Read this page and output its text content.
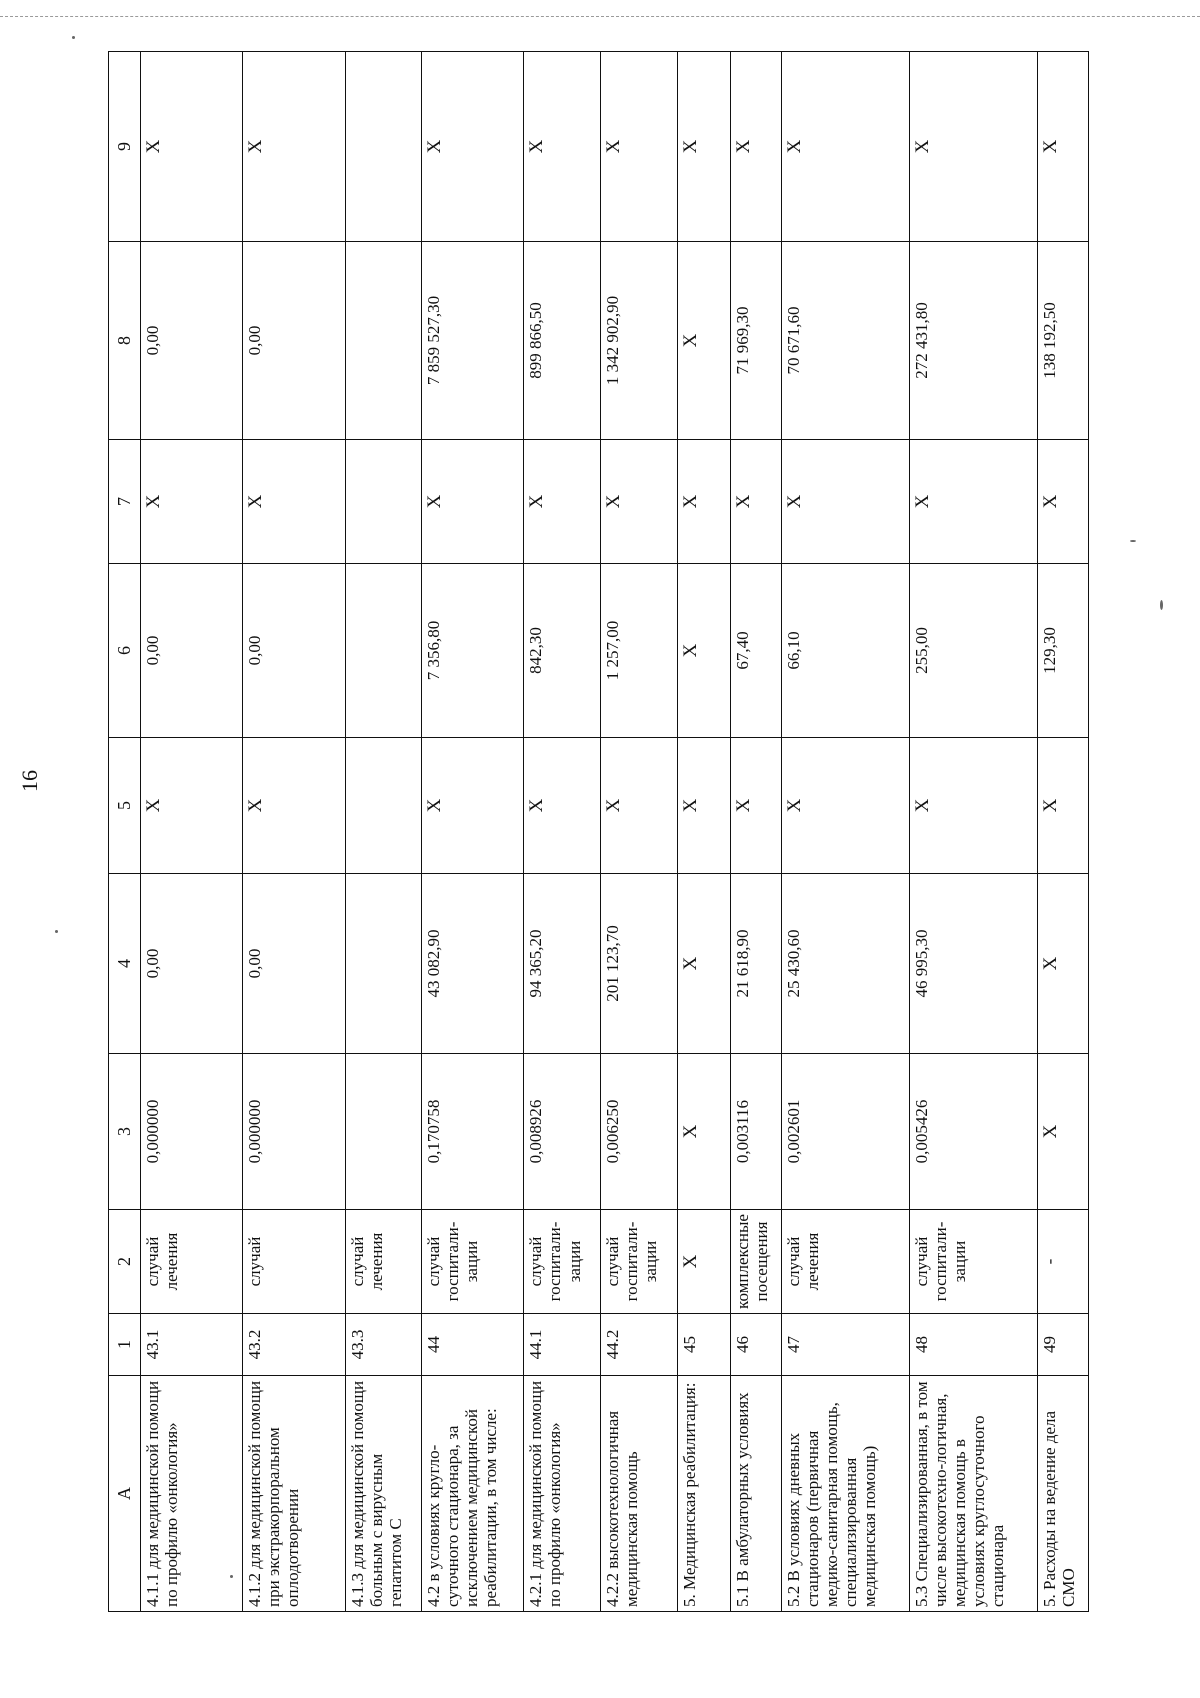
16
А	1	2	3	4	5	6	7	8	9
4.1.1 для медицинской помощи по профилю «онкология»	43.1	случай лечения	0,000000	0,00	X	0,00	X	0,00	X
4.1.2 для медицинской помощи при экстракорпоральном оплодотворении	43.2	случай	0,000000	0,00	X	0,00	X	0,00	X
4.1.3 для медицинской помощи больным с вирусным гепатитом С	43.3	случай лечения							
4.2 в условиях кругло-суточного стационара, за исключением медицинской реабилитации, в том числе:	44	случай госпитали-зации	0,170758	43 082,90	X	7 356,80	X	7 859 527,30	X
4.2.1 для медицинской помощи по профилю «онкология»	44.1	случай госпитали-зации	0,008926	94 365,20	X	842,30	X	899 866,50	X
4.2.2 высокотехнологичная медицинская помощь	44.2	случай госпитали-зации	0,006250	201 123,70	X	1 257,00	X	1 342 902,90	X
5. Медицинская реабилитация:	45	X	X	X	X	X	X	X	X
5.1 В амбулаторных условиях	46	комплексные посещения	0,003116	21 618,90	X	67,40	X	71 969,30	X
5.2 В условиях дневных стационаров (первичная медико-санитарная помощь, специализированная медицинская помощь)	47	случай лечения	0,002601	25 430,60	X	66,10	X	70 671,60	X
5.3 Специализированная, в том числе высокотехно-логичная, медицинская помощь в условиях круглосуточного стационара	48	случай госпитали-зации	0,005426	46 995,30	X	255,00	X	272 431,80	X
5. Расходы на ведение дела СМО	49	-	X	X	X	129,30	X	138 192,50	X
